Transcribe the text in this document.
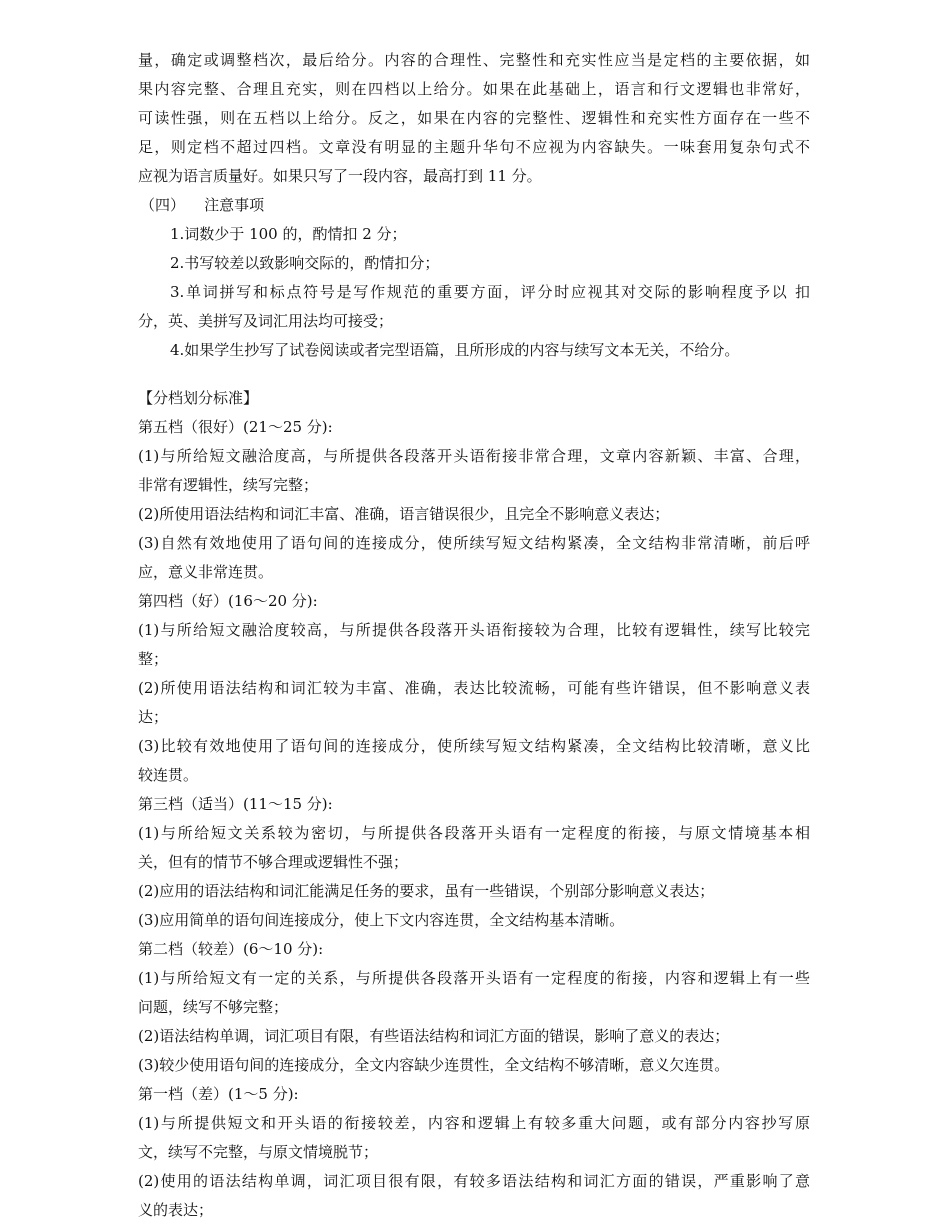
量，确定或调整档次，最后给分。内容的合理性、完整性和充实性应当是定档的主要依据，如
果内容完整、合理且充实，则在四档以上给分。如果在此基础上，语言和行文逻辑也非常好，
可读性强，则在五档以上给分。反之，如果在内容的完整性、逻辑性和充实性方面存在一些不
足，则定档不超过四档。文章没有明显的主题升华句不应视为内容缺失。一味套用复杂句式不
应视为语言质量好。如果只写了一段内容，最高打到 11 分。
（四）    注意事项
1.词数少于 100 的，酌情扣 2 分；
2.书写较差以致影响交际的，酌情扣分；
3.单词拼写和标点符号是写作规范的重要方面，评分时应视其对交际的影响程度予以 扣
分，英、美拼写及词汇用法均可接受；
4.如果学生抄写了试卷阅读或者完型语篇，且所形成的内容与续写文本无关，不给分。
【分档划分标准】
第五档（很好）(21～25 分):
(1)与所给短文融洽度高，与所提供各段落开头语衔接非常合理，文章内容新颖、丰富、合理，
非常有逻辑性，续写完整；
(2)所使用语法结构和词汇丰富、准确，语言错误很少，且完全不影响意义表达；
(3)自然有效地使用了语句间的连接成分，使所续写短文结构紧凑，全文结构非常清晰，前后呼
应，意义非常连贯。
第四档（好）(16～20 分):
(1)与所给短文融洽度较高，与所提供各段落开头语衔接较为合理，比较有逻辑性，续写比较完
整；
(2)所使用语法结构和词汇较为丰富、准确，表达比较流畅，可能有些许错误，但不影响意义表
达；
(3)比较有效地使用了语句间的连接成分，使所续写短文结构紧凑，全文结构比较清晰，意义比
较连贯。
第三档（适当）(11～15 分):
(1)与所给短文关系较为密切，与所提供各段落开头语有一定程度的衔接，与原文情境基本相
关，但有的情节不够合理或逻辑性不强；
(2)应用的语法结构和词汇能满足任务的要求，虽有一些错误，个别部分影响意义表达；
(3)应用简单的语句间连接成分，使上下文内容连贯，全文结构基本清晰。
第二档（较差）(6～10 分):
(1)与所给短文有一定的关系，与所提供各段落开头语有一定程度的衔接，内容和逻辑上有一些
问题，续写不够完整；
(2)语法结构单调，词汇项目有限，有些语法结构和词汇方面的错误，影响了意义的表达；
(3)较少使用语句间的连接成分，全文内容缺少连贯性，全文结构不够清晰，意义欠连贯。
第一档（差）(1～5 分):
(1)与所提供短文和开头语的衔接较差，内容和逻辑上有较多重大问题，或有部分内容抄写原
文，续写不完整，与原文情境脱节；
(2)使用的语法结构单调，词汇项目很有限，有较多语法结构和词汇方面的错误，严重影响了意
义的表达；
